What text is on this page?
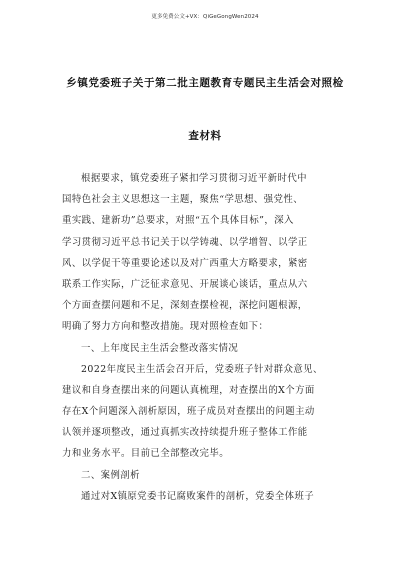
更多免费公文+VX：QiGeGongWen2024
乡镇党委班子关于第二批主题教育专题民主生活会对照检
查材料
根据要求，镇党委班子紧扣学习贯彻习近平新时代中
国特色社会主义思想这一主题，聚焦“学思想、强党性、
重实践、建新功”总要求，对照“五个具体目标”，深入
学习贯彻习近平总书记关于以学铸魂、以学增智、以学正
风、以学促干等重要论述以及对广西重大方略要求，紧密
联系工作实际，广泛征求意见、开展谈心谈话，重点从六
个方面查摆问题和不足，深刻查摆检视，深挖问题根源，
明确了努力方向和整改措施。现对照检查如下：
一、上年度民主生活会整改落实情况
2022年度民主生活会召开后，党委班子针对群众意见、
建议和自身查摆出来的问题认真梳理，对查摆出的X个方面
存在X个问题深入剖析原因，班子成员对查摆出的问题主动
认领并逐项整改，通过真抓实改持续提升班子整体工作能
力和业务水平。目前已全部整改完毕。
二、案例剖析
通过对X镇原党委书记腐败案件的剖析，党委全体班子
